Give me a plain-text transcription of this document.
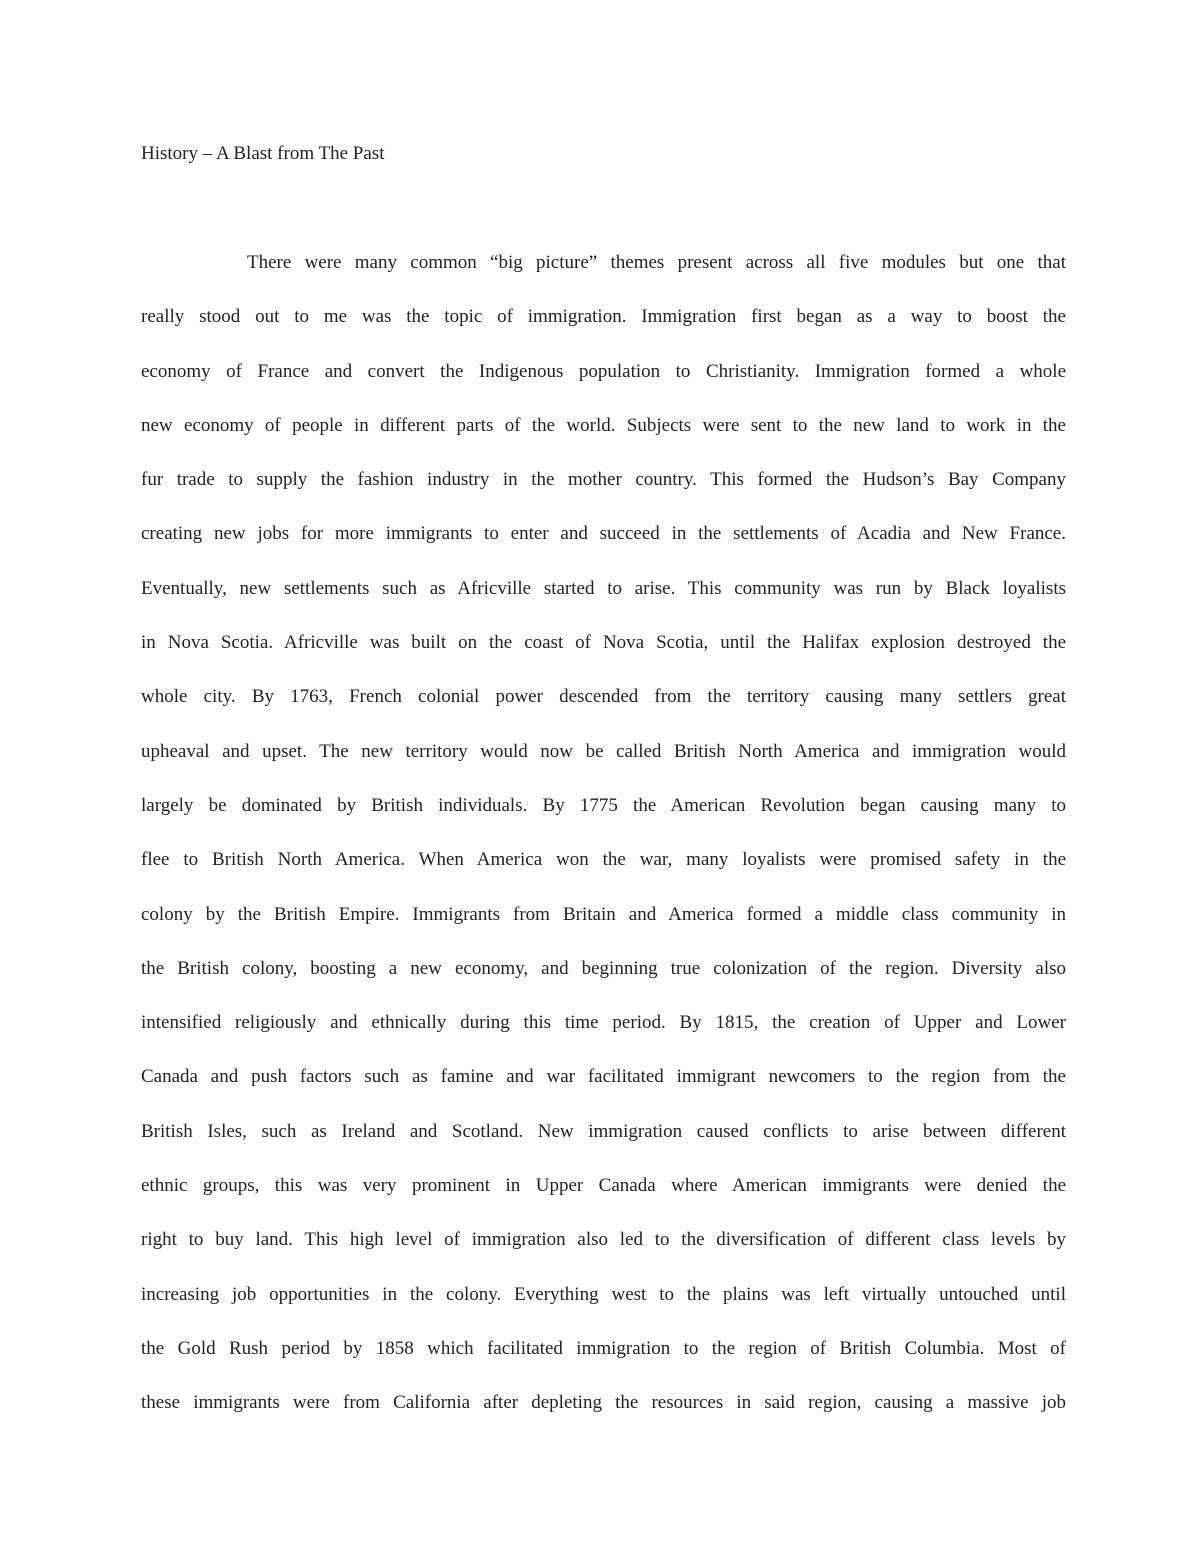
History – A Blast from The Past
There were many common “big picture” themes present across all five modules but one that
really stood out to me was the topic of immigration. Immigration first began as a way to boost the
economy of France and convert the Indigenous population to Christianity. Immigration formed a whole
new economy of people in different parts of the world. Subjects were sent to the new land to work in the
fur trade to supply the fashion industry in the mother country. This formed the Hudson’s Bay Company
creating new jobs for more immigrants to enter and succeed in the settlements of Acadia and New France.
Eventually, new settlements such as Africville started to arise. This community was run by Black loyalists
in Nova Scotia. Africville was built on the coast of Nova Scotia, until the Halifax explosion destroyed the
whole city. By 1763, French colonial power descended from the territory causing many settlers great
upheaval and upset. The new territory would now be called British North America and immigration would
largely be dominated by British individuals. By 1775 the American Revolution began causing many to
flee to British North America. When America won the war, many loyalists were promised safety in the
colony by the British Empire. Immigrants from Britain and America formed a middle class community in
the British colony, boosting a new economy, and beginning true colonization of the region. Diversity also
intensified religiously and ethnically during this time period. By 1815, the creation of Upper and Lower
Canada and push factors such as famine and war facilitated immigrant newcomers to the region from the
British Isles, such as Ireland and Scotland. New immigration caused conflicts to arise between different
ethnic groups, this was very prominent in Upper Canada where American immigrants were denied the
right to buy land. This high level of immigration also led to the diversification of different class levels by
increasing job opportunities in the colony. Everything west to the plains was left virtually untouched until
the Gold Rush period by 1858 which facilitated immigration to the region of British Columbia. Most of
these immigrants were from California after depleting the resources in said region, causing a massive job
